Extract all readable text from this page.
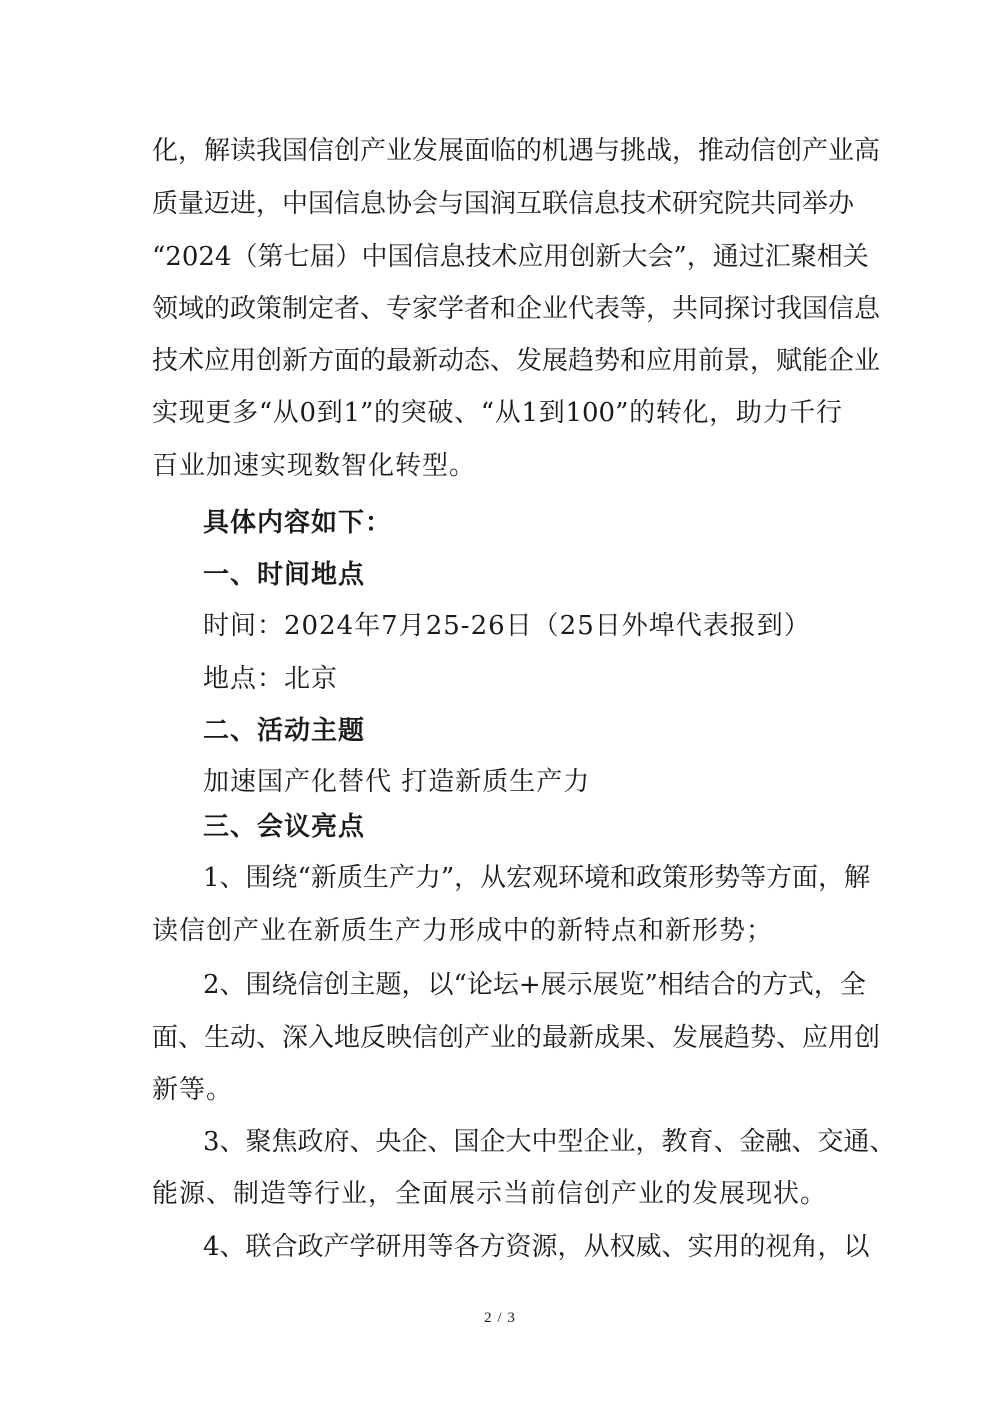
化，解读我国信创产业发展面临的机遇与挑战，推动信创产业高
质量迈进，中国信息协会与国润互联信息技术研究院共同举办
“2024（第七届）中国信息技术应用创新大会”，通过汇聚相关
领域的政策制定者、专家学者和企业代表等，共同探讨我国信息
技术应用创新方面的最新动态、发展趋势和应用前景，赋能企业
实现更多“从0到1”的突破、“从1到100”的转化，助力千行
百业加速实现数智化转型。
具体内容如下：
一、时间地点
时间：2024年7月25-26日（25日外埠代表报到）
地点：北京
二、活动主题
加速国产化替代 打造新质生产力
三、会议亮点
1、围绕“新质生产力”，从宏观环境和政策形势等方面，解
读信创产业在新质生产力形成中的新特点和新形势；
2、围绕信创主题，以“论坛+展示展览”相结合的方式，全
面、生动、深入地反映信创产业的最新成果、发展趋势、应用创
新等。
3、聚焦政府、央企、国企大中型企业，教育、金融、交通、
能源、制造等行业，全面展示当前信创产业的发展现状。
4、联合政产学研用等各方资源，从权威、实用的视角，以
2 / 3
